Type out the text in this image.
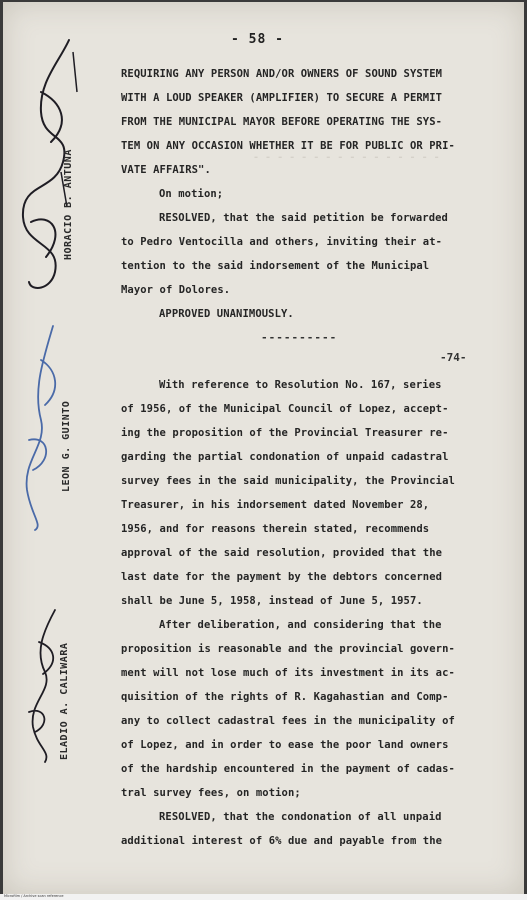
- - - - - - - - - - - - - - - -
- 58 -
REQUIRING ANY PERSON AND/OR OWNERS OF SOUND SYSTEM
WITH A LOUD SPEAKER (AMPLIFIER) TO SECURE A PERMIT
FROM THE MUNICIPAL MAYOR BEFORE OPERATING THE SYS-
TEM ON ANY OCCASION WHETHER IT BE FOR PUBLIC OR PRI-
VATE AFFAIRS".
On motion;
RESOLVED, that the said petition be forwarded
to Pedro Ventocilla and others, inviting their at-
tention to the said indorsement of the Municipal
Mayor of Dolores.
APPROVED UNANIMOUSLY.
----------
-74-
With reference to Resolution No. 167, series
of 1956, of the Municipal Council of Lopez, accept-
ing the proposition of the Provincial Treasurer re-
garding the partial condonation of unpaid cadastral
survey fees in the said municipality, the Provincial
Treasurer, in his indorsement dated November 28,
1956, and for reasons therein stated, recommends
approval of the said resolution, provided that the
last date for the payment by the debtors concerned
shall be June 5, 1958, instead of June 5, 1957.
After deliberation, and considering that the
proposition is reasonable and the provincial govern-
ment will not lose much of its investment in its ac-
quisition of the rights of R. Kagahastian and Comp-
any to collect cadastral fees in the municipality of
of Lopez, and in order to ease the poor land owners
of the hardship encountered in the payment of cadas-
tral survey fees, on motion;
RESOLVED, that the condonation of all unpaid
additional interest of 6% due and payable from the
HORACIO B. ANTUNA
LEON G. GUINTO
ELADIO A. CALIWARA
Microfilm / Archive scan reference
